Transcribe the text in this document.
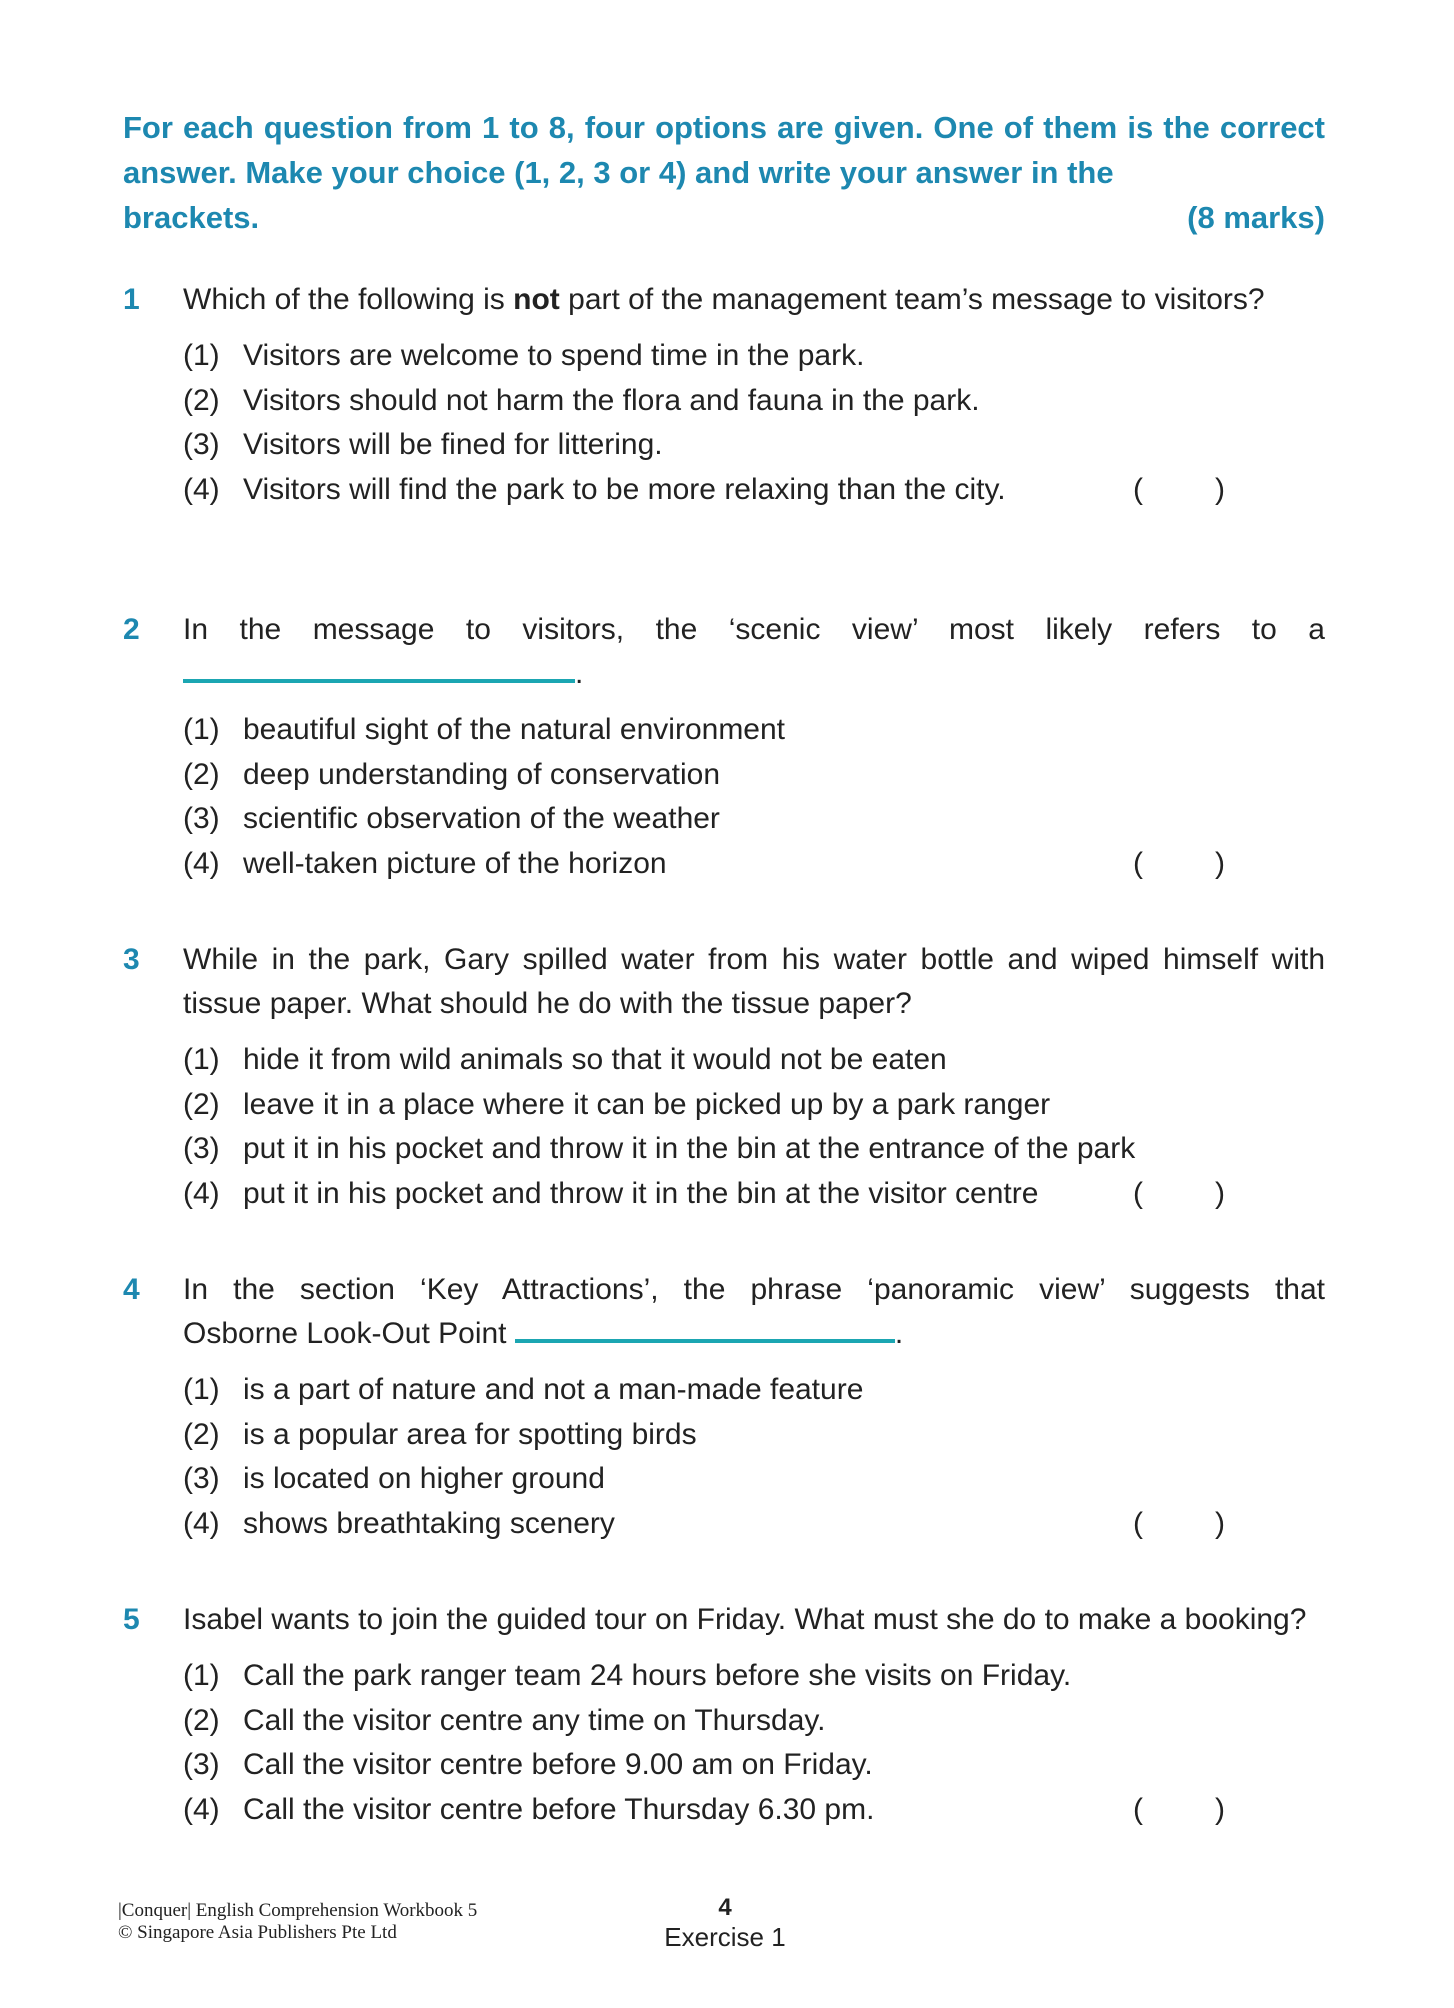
For each question from 1 to 8, four options are given. One of them is the correct answer. Make your choice (1, 2, 3 or 4) and write your answer in the
brackets.	(8 marks)
1 Which of the following is not part of the management team’s message to visitors?
(1) Visitors are welcome to spend time in the park.
(2) Visitors should not harm the flora and fauna in the park.
(3) Visitors will be fined for littering.
(4) Visitors will find the park to be more relaxing than the city.	( )
2 In the message to visitors, the ‘scenic view’ most likely refers to a
.
(1) beautiful sight of the natural environment
(2) deep understanding of conservation
(3) scientific observation of the weather
(4) well-taken picture of the horizon	( )
3 While in the park, Gary spilled water from his water bottle and wiped himself with tissue paper. What should he do with the tissue paper?
(1) hide it from wild animals so that it would not be eaten
(2) leave it in a place where it can be picked up by a park ranger
(3) put it in his pocket and throw it in the bin at the entrance of the park
(4) put it in his pocket and throw it in the bin at the visitor centre	( )
4 In the section ‘Key Attractions’, the phrase ‘panoramic view’ suggests that
Osborne Look-Out Point	.
(1) is a part of nature and not a man-made feature
(2) is a popular area for spotting birds
(3) is located on higher ground
(4) shows breathtaking scenery	( )
5 Isabel wants to join the guided tour on Friday. What must she do to make a booking?
(1) Call the park ranger team 24 hours before she visits on Friday.
(2) Call the visitor centre any time on Thursday.
(3) Call the visitor centre before 9.00 am on Friday.
(4) Call the visitor centre before Thursday 6.30 pm.	( )
|Conquer| English Comprehension Workbook 5
© Singapore Asia Publishers Pte Ltd
4
Exercise 1
